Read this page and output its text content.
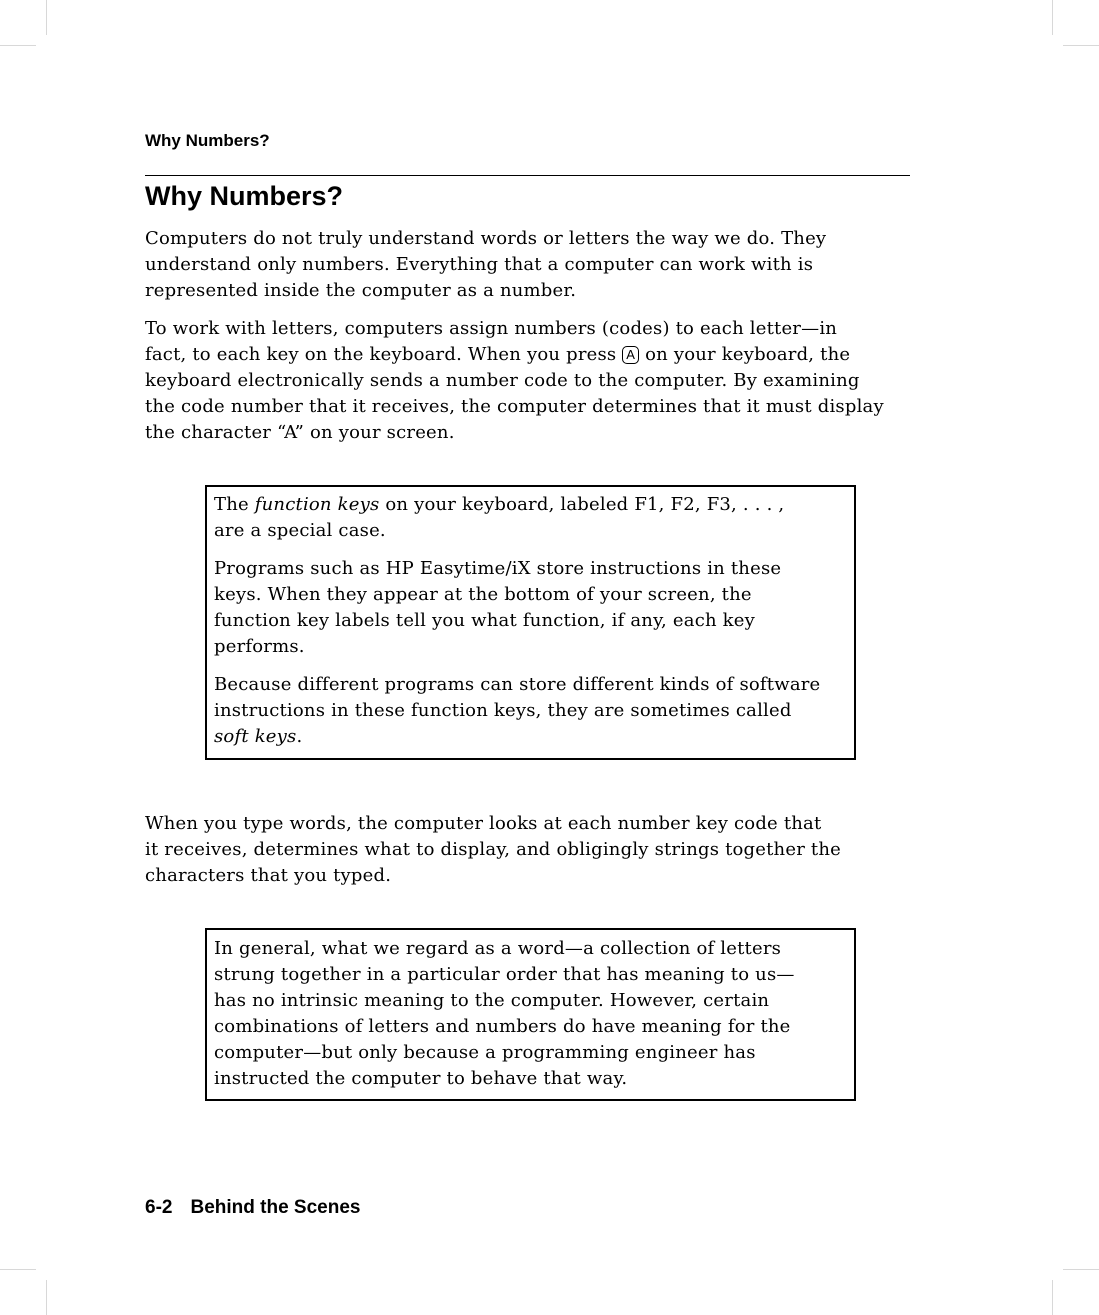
Why Numbers?
Why Numbers?
Computers do not truly understand words or letters the way we do. They
understand only numbers. Everything that a computer can work with is
represented inside the computer as a number.
To work with letters, computers assign numbers (codes) to each letter—in
fact, to each key on the keyboard. When you press A on your keyboard, the
keyboard electronically sends a number code to the computer. By examining
the code number that it receives, the computer determines that it must display
the character “A” on your screen.
The function keys on your keyboard, labeled F1, F2, F3, . . . ,
are a special case.
Programs such as HP Easytime/iX store instructions in these
keys. When they appear at the bottom of your screen, the
function key labels tell you what function, if any, each key
performs.
Because different programs can store different kinds of software
instructions in these function keys, they are sometimes called
soft keys.
When you type words, the computer looks at each number key code that
it receives, determines what to display, and obligingly strings together the
characters that you typed.
In general, what we regard as a word—a collection of letters
strung together in a particular order that has meaning to us—
has no intrinsic meaning to the computer. However, certain
combinations of letters and numbers do have meaning for the
computer—but only because a programming engineer has
instructed the computer to behave that way.
6-2 Behind the Scenes
